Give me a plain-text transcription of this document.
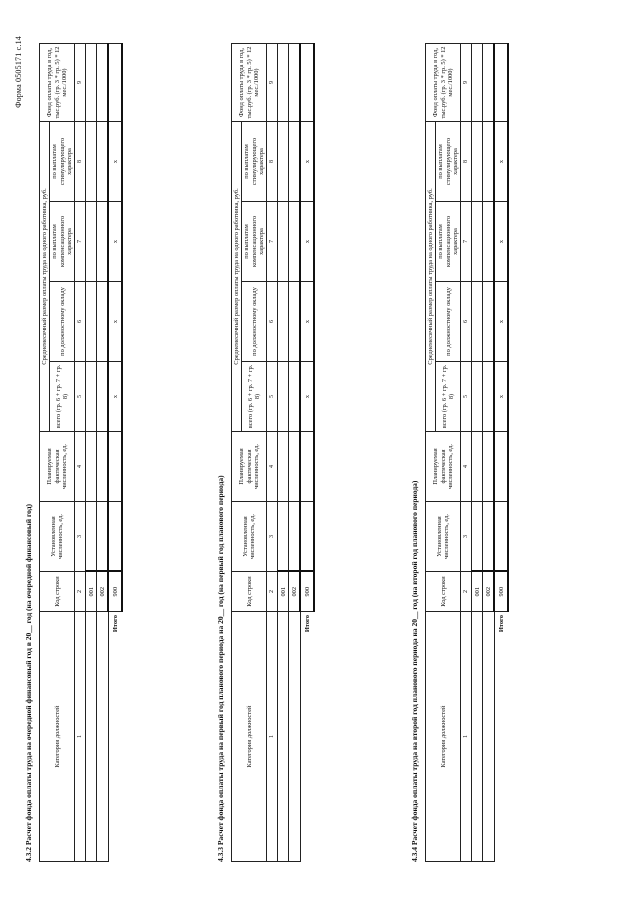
Форма 0505171 с.14
4.3.2 Расчет фонда оплаты труда на очередной финансовый год в 20__ год (на очередной финансовый год)	Категория должностей	Код строки	Установленная численность, ед.	Планируемая фактическая численность, ед.	Среднемесячный размер оплаты труда на одного работника, руб.				Фонд оплаты труда в год, тыс.руб. (гр. 3 * гр. 5) * 12 мес./1000)
				всего (гр. 6 + гр. 7 + гр. 8)	по должностному окладу	по выплатам компенсационного характера	по выплатам стимулирующего характера	
1	2	3	4	5	6	7	8	9
	001							
	002							
Итого	900			x	x	x	x	
4.3.3 Расчет фонда оплаты труда на первый год планового периода на 20__ год (на первый год планового периода)	Категория должностей	Код строки	Установленная численность, ед.	Планируемая фактическая численность, ед.	Среднемесячный размер оплаты труда на одного работника, руб.				Фонд оплаты труда в год, тыс.руб. (гр. 3 * гр. 5) * 12 мес./1000)
				всего (гр. 6 + гр. 7 + гр. 8)	по должностному окладу	по выплатам компенсационного характера	по выплатам стимулирующего характера	
1	2	3	4	5	6	7	8	9
	001							
	002							
Итого	900			x	x	x	x	
4.3.4 Расчет фонда оплаты труда на второй год планового периода на 20__ год (на второй год планового периода)	Категория должностей	Код строки	Установленная численность, ед.	Планируемая фактическая численность, ед.	Среднемесячный размер оплаты труда на одного работника, руб.				Фонд оплаты труда в год, тыс.руб. (гр. 3 * гр. 5) * 12 мес./1000)
				всего (гр. 6 + гр. 7 + гр. 8)	по должностному окладу	по выплатам компенсационного характера	по выплатам стимулирующего характера	
1	2	3	4	5	6	7	8	9
	001							
	002							
Итого	900			x	x	x	x	
